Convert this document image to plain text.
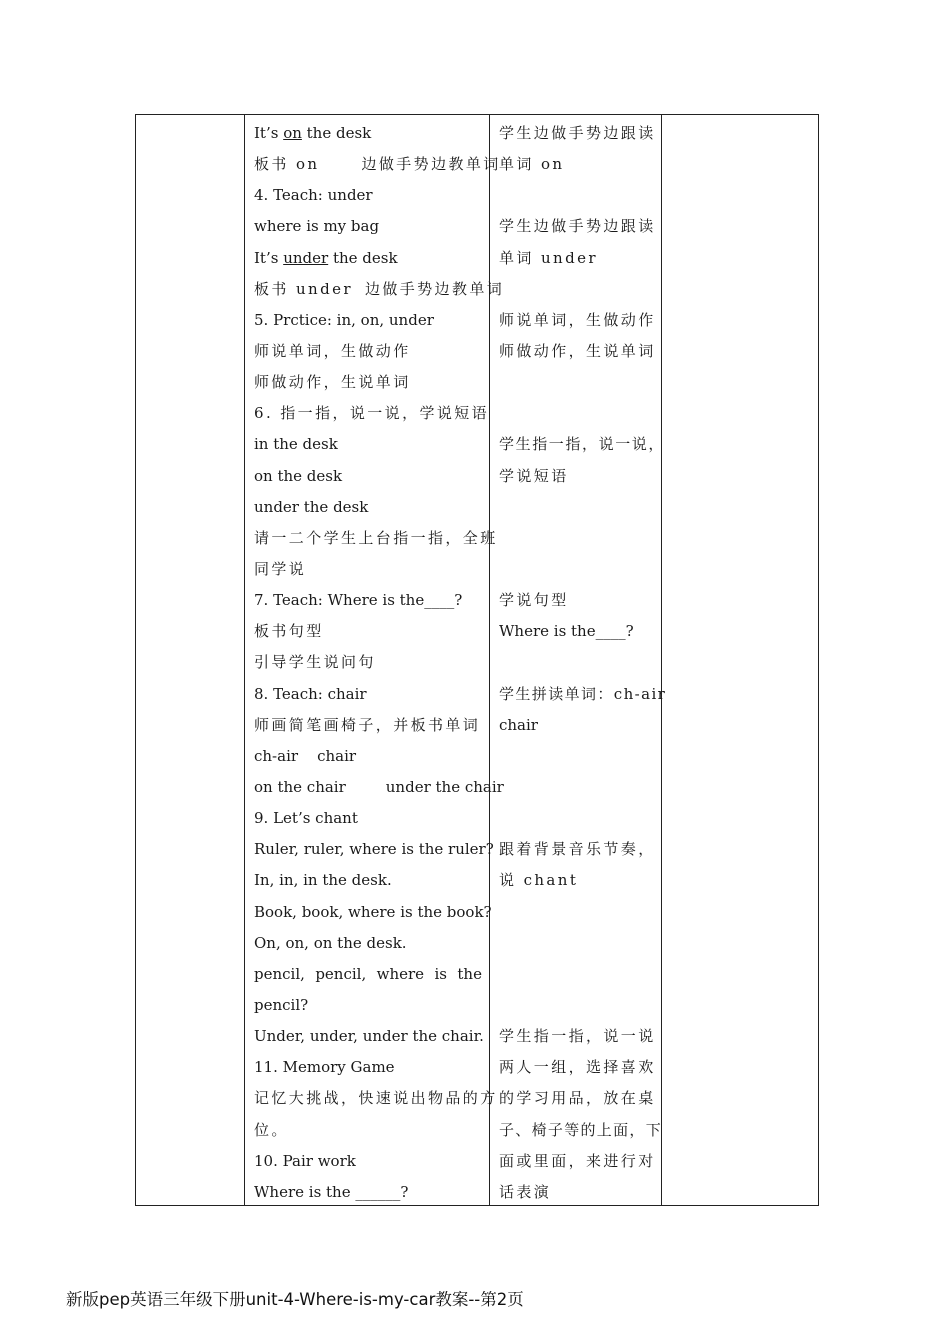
It’s on the desk
板书 on	边做手势边教单词
4. Teach: under
where is my bag
It’s under the desk
板书 under 边做手势边教单词
5. Prctice: in, on, under
师说单词，生做动作
师做动作，生说单词
6. 指一指，说一说，学说短语
in the desk
on the desk
under the desk
请一二个学生上台指一指，全班
同学说
7. Teach: Where is the____?
板书句型
引导学生说问句
8. Teach: chair
师画简笔画椅子，并板书单词
ch-air    chair
on the chair	under the chair
9. Let’s chant
Ruler, ruler, where is the ruler?
In, in, in the desk.
Book, book, where is the book?
On, on, on the desk.
pencil, pencil, where is the
pencil?
Under, under, under the chair.
11. Memory Game
记忆大挑战，快速说出物品的方
位。
10. Pair work
Where is the ______?
学生边做手势边跟读
单词 on
学生边做手势边跟读
单词 under
师说单词，生做动作
师做动作，生说单词
学生指一指，说一说，
学说短语
学说句型
Where is the____?
学生拼读单词：ch-air
chair
跟着背景音乐节奏，
说 chant
学生指一指，说一说
两人一组，选择喜欢
的学习用品，放在桌
子、椅子等的上面，下
面或里面，来进行对
话表演
新版pep英语三年级下册unit-4-Where-is-my-car教案--第2页
